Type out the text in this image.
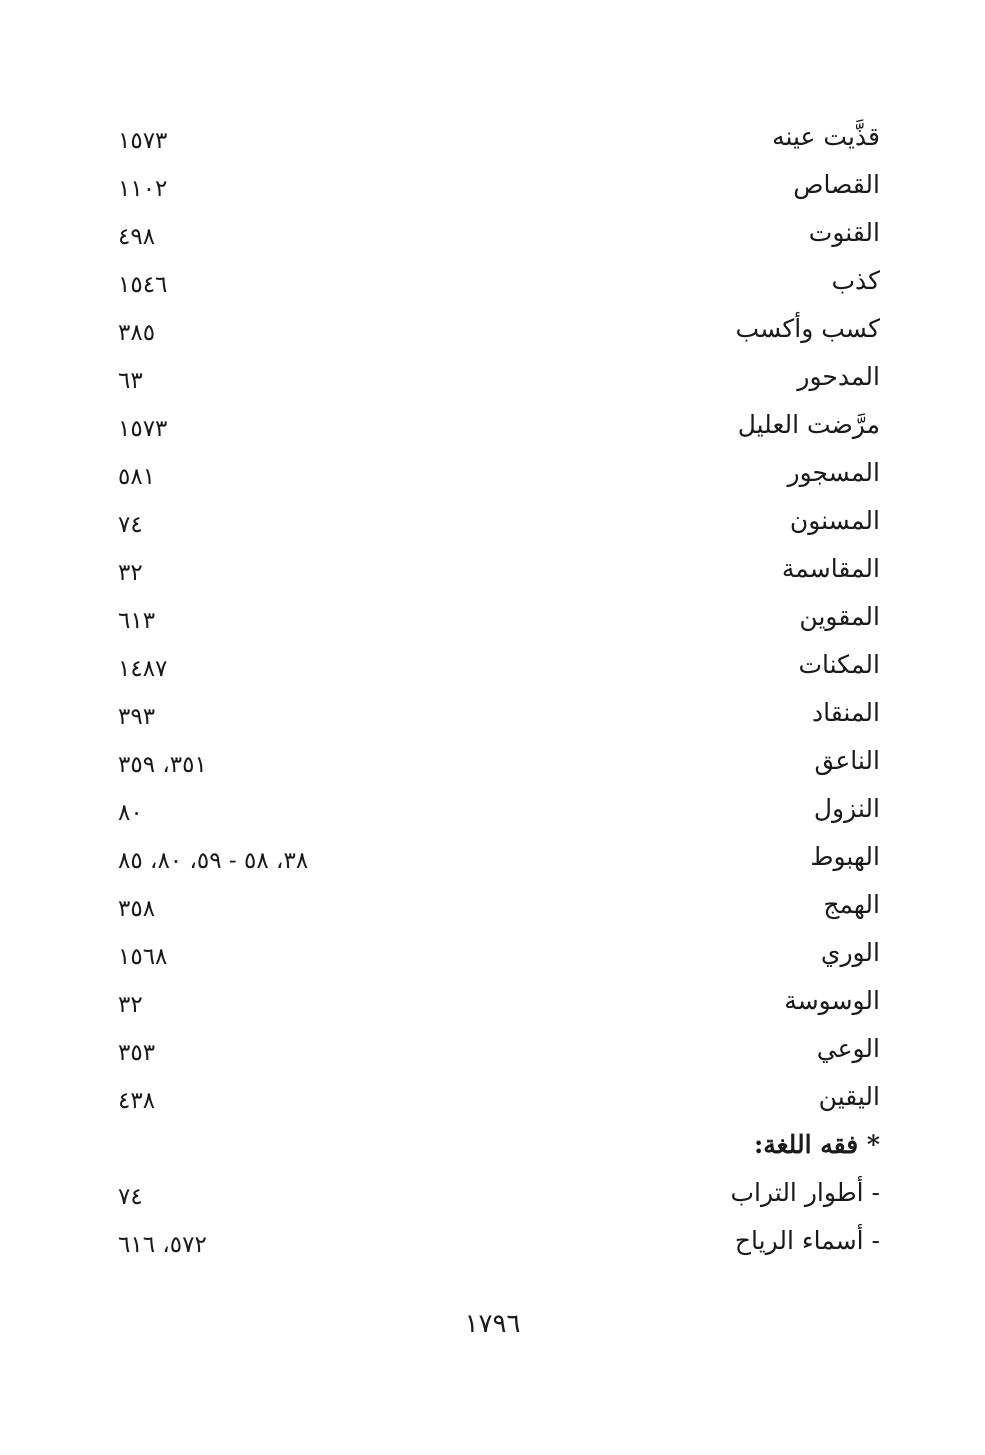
قذَّيت عينه
١٥٧٣
القصاص
١١٠٢
القنوت
٤٩٨
كذب
١٥٤٦
كسب وأكسب
٣٨٥
المدحور
٦٣
مرَّضت العليل
١٥٧٣
المسجور
٥٨١
المسنون
٧٤
المقاسمة
٣٢
المقوين
٦١٣
المكنات
١٤٨٧
المنقاد
٣٩٣
الناعق
٣٥١، ٣٥٩
النزول
٨٠
الهبوط
٣٨، ٥٨ - ٥٩، ٨٠، ٨٥
الهمج
٣٥٨
الوري
١٥٦٨
الوسوسة
٣٢
الوعي
٣٥٣
اليقين
٤٣٨
* فقه اللغة:
- أطوار التراب
٧٤
- أسماء الرياح
٥٧٢، ٦١٦
١٧٩٦
